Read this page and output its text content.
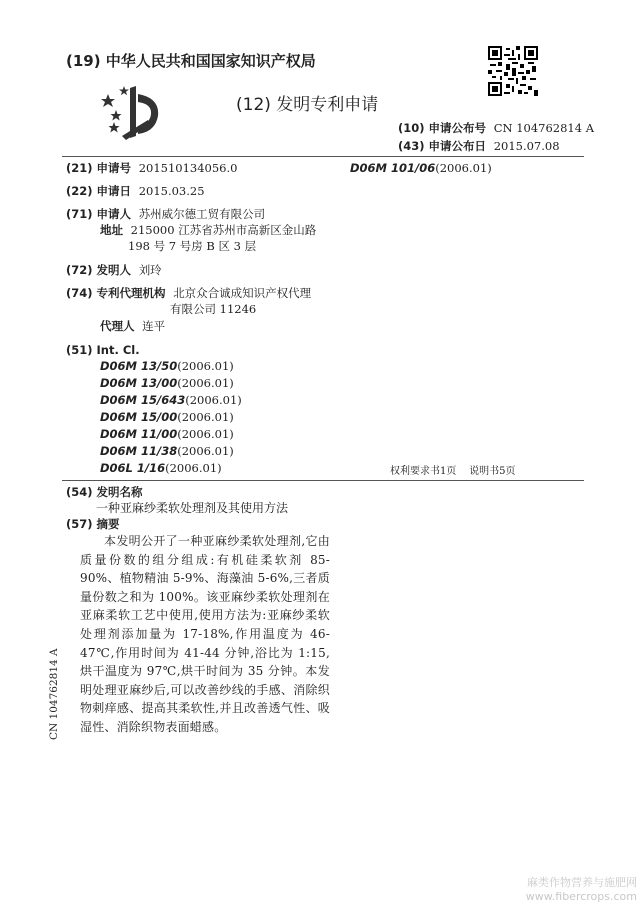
(19) 中华人民共和国国家知识产权局
(12) 发明专利申请
(10) 申请公布号 CN 104762814 A
(43) 申请公布日 2015.07.08
(21) 申请号 201510134056.0	D06M 101/06(2006.01)
(22) 申请日 2015.03.25
(71) 申请人 苏州威尔德工贸有限公司
地址 215000 江苏省苏州市高新区金山路
198 号 7 号房 B 区 3 层
(72) 发明人 刘玲
(74) 专利代理机构 北京众合诚成知识产权代理
有限公司 11246
代理人 连平
(51) Int. Cl.
D06M 13/50(2006.01)
D06M 13/00(2006.01)
D06M 15/643(2006.01)
D06M 15/00(2006.01)
D06M 11/00(2006.01)
D06M 11/38(2006.01)
D06L 1/16(2006.01)	权利要求书1页    说明书5页
(54) 发明名称
一种亚麻纱柔软处理剂及其使用方法
(57) 摘要
本发明公开了一种亚麻纱柔软处理剂,它由质量份数的组分组成:有机硅柔软剂 85-90%、植物精油 5-9%、海藻油 5-6%,三者质量份数之和为 100%。该亚麻纱柔软处理剂在亚麻柔软工艺中使用,使用方法为:亚麻纱柔软处理剂添加量为 17-18%,作用温度为 46-47℃,作用时间为 41-44 分钟,浴比为 1:15,烘干温度为 97℃,烘干时间为 35 分钟。本发明处理亚麻纱后,可以改善纱线的手感、消除织物刺痒感、提高其柔软性,并且改善透气性、吸湿性、消除织物表面蜡感。
CN 104762814 A
麻类作物营养与施肥网
www.fibercrops.com
